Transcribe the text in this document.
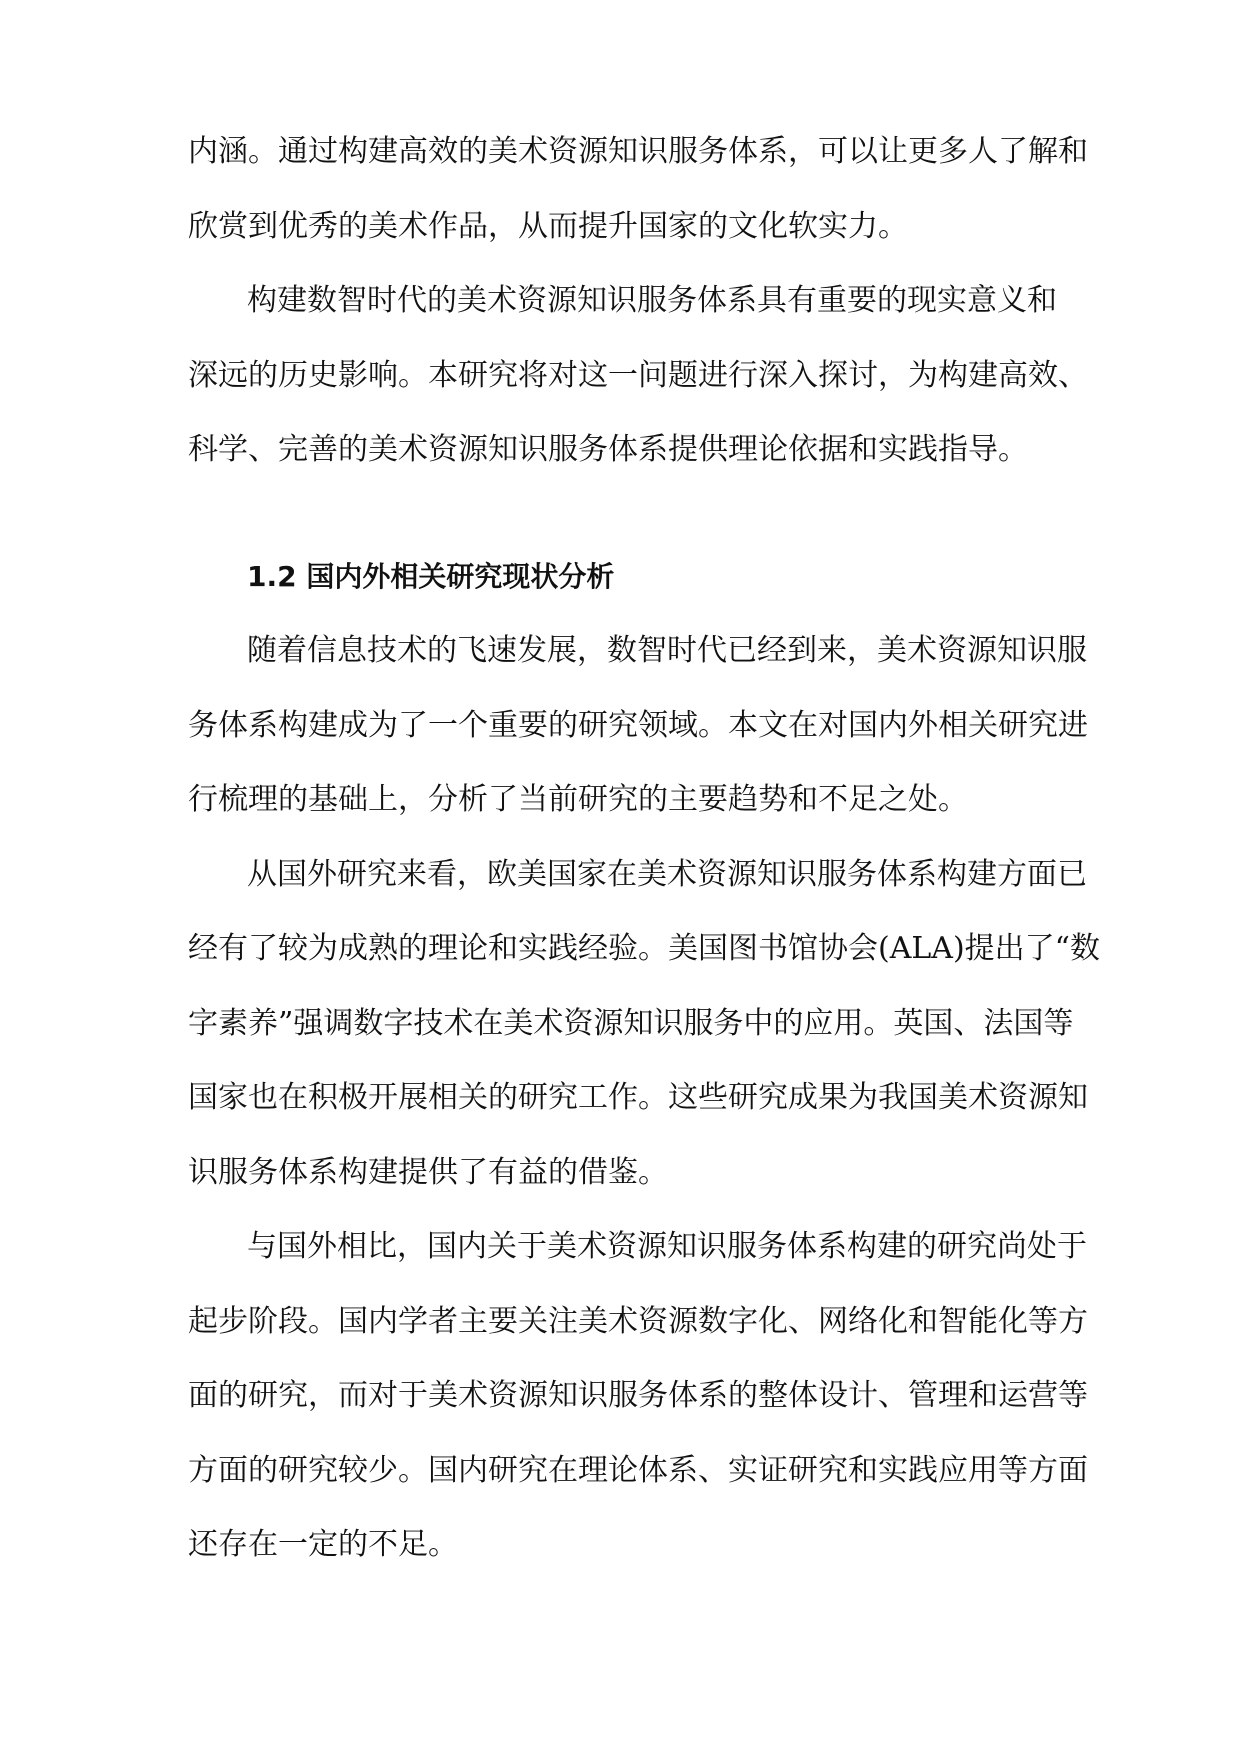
内涵。通过构建高效的美术资源知识服务体系，可以让更多人了解和
欣赏到优秀的美术作品，从而提升国家的文化软实力。
构建数智时代的美术资源知识服务体系具有重要的现实意义和
深远的历史影响。本研究将对这一问题进行深入探讨，为构建高效、
科学、完善的美术资源知识服务体系提供理论依据和实践指导。
1.2 国内外相关研究现状分析
随着信息技术的飞速发展，数智时代已经到来，美术资源知识服
务体系构建成为了一个重要的研究领域。本文在对国内外相关研究进
行梳理的基础上，分析了当前研究的主要趋势和不足之处。
从国外研究来看，欧美国家在美术资源知识服务体系构建方面已
经有了较为成熟的理论和实践经验。美国图书馆协会(ALA)提出了“数
字素养”强调数字技术在美术资源知识服务中的应用。英国、法国等
国家也在积极开展相关的研究工作。这些研究成果为我国美术资源知
识服务体系构建提供了有益的借鉴。
与国外相比，国内关于美术资源知识服务体系构建的研究尚处于
起步阶段。国内学者主要关注美术资源数字化、网络化和智能化等方
面的研究，而对于美术资源知识服务体系的整体设计、管理和运营等
方面的研究较少。国内研究在理论体系、实证研究和实践应用等方面
还存在一定的不足。
